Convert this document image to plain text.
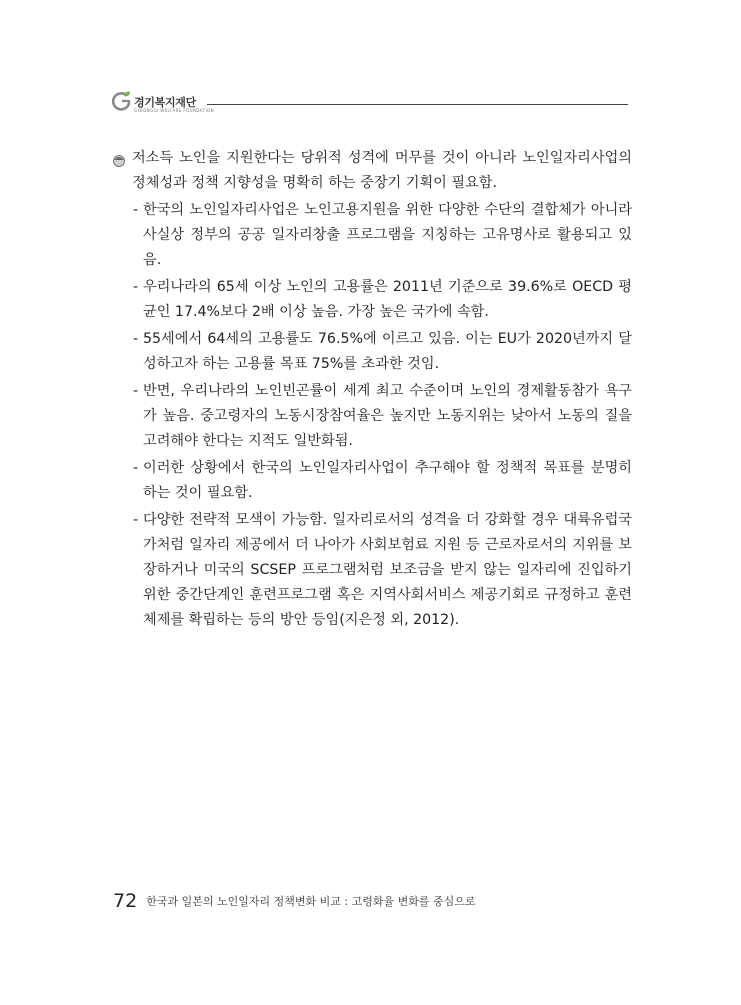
경기복지재단
GYEONGGI WELFARE FOUNDATION

저소득 노인을 지원한다는 당위적 성격에 머무를 것이 아니라 노인일자리사업의 정체성과 정책 지향성을 명확히 하는 중장기 기획이 필요함.

- 한국의 노인일자리사업은 노인고용지원을 위한 다양한 수단의 결합체가 아니라 사실상 정부의 공공 일자리창출 프로그램을 지칭하는 고유명사로 활용되고 있음.
- 우리나라의 65세 이상 노인의 고용률은 2011년 기준으로 39.6%로 OECD 평균인 17.4%보다 2배 이상 높음. 가장 높은 국가에 속함.
- 55세에서 64세의 고용률도 76.5%에 이르고 있음. 이는 EU가 2020년까지 달성하고자 하는 고용률 목표 75%를 초과한 것임.
- 반면, 우리나라의 노인빈곤률이 세계 최고 수준이며 노인의 경제활동참가 욕구가 높음. 중고령자의 노동시장참여율은 높지만 노동지위는 낮아서 노동의 질을 고려해야 한다는 지적도 일반화됨.
- 이러한 상황에서 한국의 노인일자리사업이 추구해야 할 정책적 목표를 분명히 하는 것이 필요함.
- 다양한 전략적 모색이 가능함. 일자리로서의 성격을 더 강화할 경우 대륙유럽국가처럼 일자리 제공에서 더 나아가 사회보험료 지원 등 근로자로서의 지위를 보장하거나 미국의 SCSEP 프로그램처럼 보조금을 받지 않는 일자리에 진입하기 위한 중간단계인 훈련프로그램 혹은 지역사회서비스 제공기회로 규정하고 훈련체제를 확립하는 등의 방안 등임(지은정 외, 2012).
72 한국과 일본의 노인일자리 정책변화 비교 : 고령화율 변화를 중심으로
